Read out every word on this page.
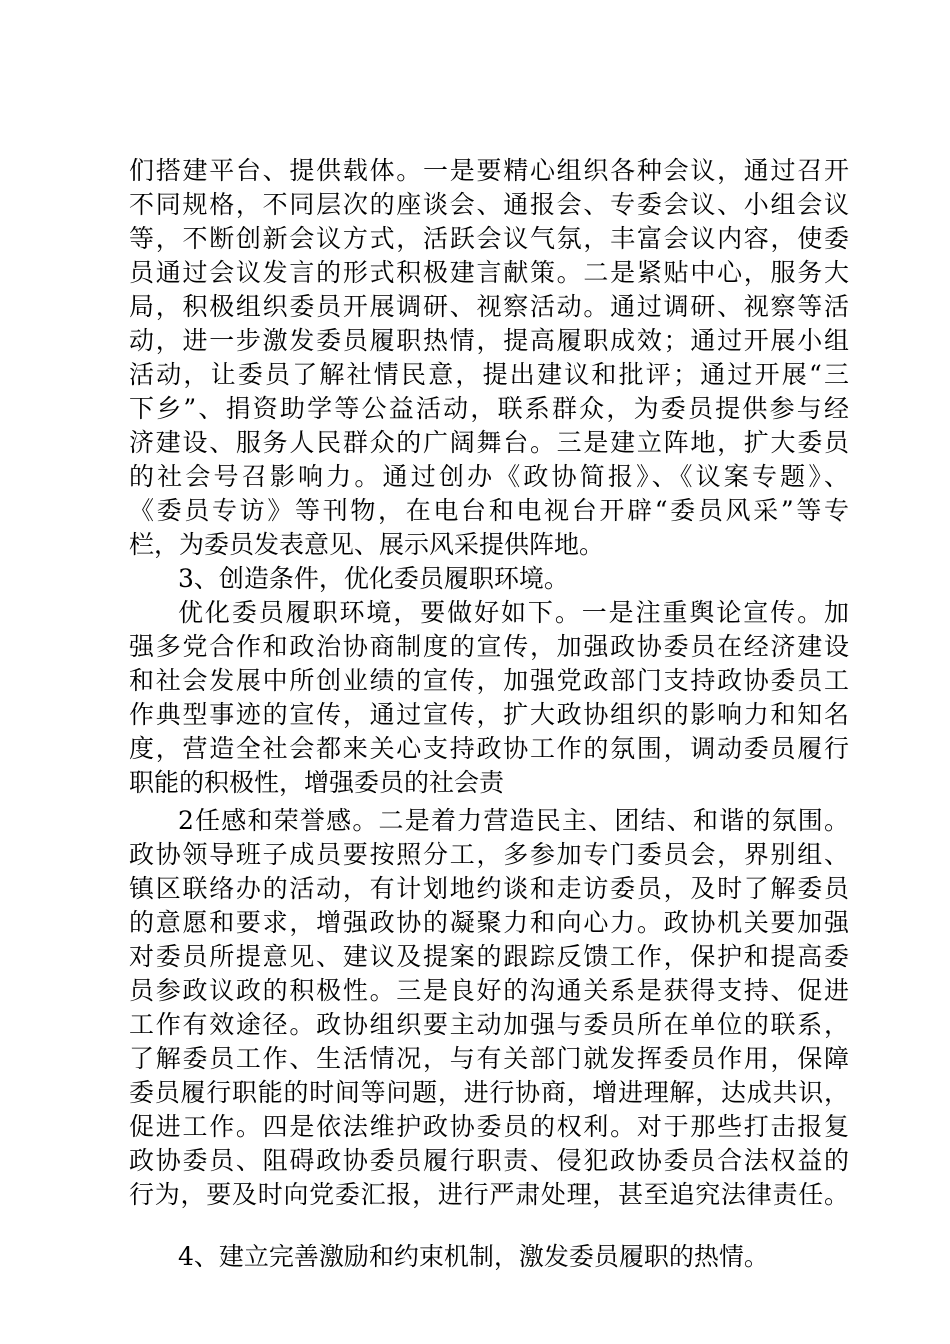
们搭建平台、提供载体。一是要精心组织各种会议，通过召开
不同规格，不同层次的座谈会、通报会、专委会议、小组会议
等，不断创新会议方式，活跃会议气氛，丰富会议内容，使委
员通过会议发言的形式积极建言献策。二是紧贴中心，服务大
局，积极组织委员开展调研、视察活动。通过调研、视察等活
动，进一步激发委员履职热情，提高履职成效；通过开展小组
活动，让委员了解社情民意，提出建议和批评；通过开展“三
下乡”、捐资助学等公益活动，联系群众，为委员提供参与经
济建设、服务人民群众的广阔舞台。三是建立阵地，扩大委员
的社会号召影响力。通过创办《政协简报》、《议案专题》、
《委员专访》等刊物，在电台和电视台开辟“委员风采”等专
栏，为委员发表意见、展示风采提供阵地。
3、创造条件，优化委员履职环境。
优化委员履职环境，要做好如下。一是注重舆论宣传。加
强多党合作和政治协商制度的宣传，加强政协委员在经济建设
和社会发展中所创业绩的宣传，加强党政部门支持政协委员工
作典型事迹的宣传，通过宣传，扩大政协组织的影响力和知名
度，营造全社会都来关心支持政协工作的氛围，调动委员履行
职能的积极性，增强委员的社会责
2任感和荣誉感。二是着力营造民主、团结、和谐的氛围。
政协领导班子成员要按照分工，多参加专门委员会，界别组、
镇区联络办的活动，有计划地约谈和走访委员，及时了解委员
的意愿和要求，增强政协的凝聚力和向心力。政协机关要加强
对委员所提意见、建议及提案的跟踪反馈工作，保护和提高委
员参政议政的积极性。三是良好的沟通关系是获得支持、促进
工作有效途径。政协组织要主动加强与委员所在单位的联系，
了解委员工作、生活情况，与有关部门就发挥委员作用，保障
委员履行职能的时间等问题，进行协商，增进理解，达成共识，
促进工作。四是依法维护政协委员的权利。对于那些打击报复
政协委员、阻碍政协委员履行职责、侵犯政协委员合法权益的
行为，要及时向党委汇报，进行严肃处理，甚至追究法律责任。
4、建立完善激励和约束机制，激发委员履职的热情。
